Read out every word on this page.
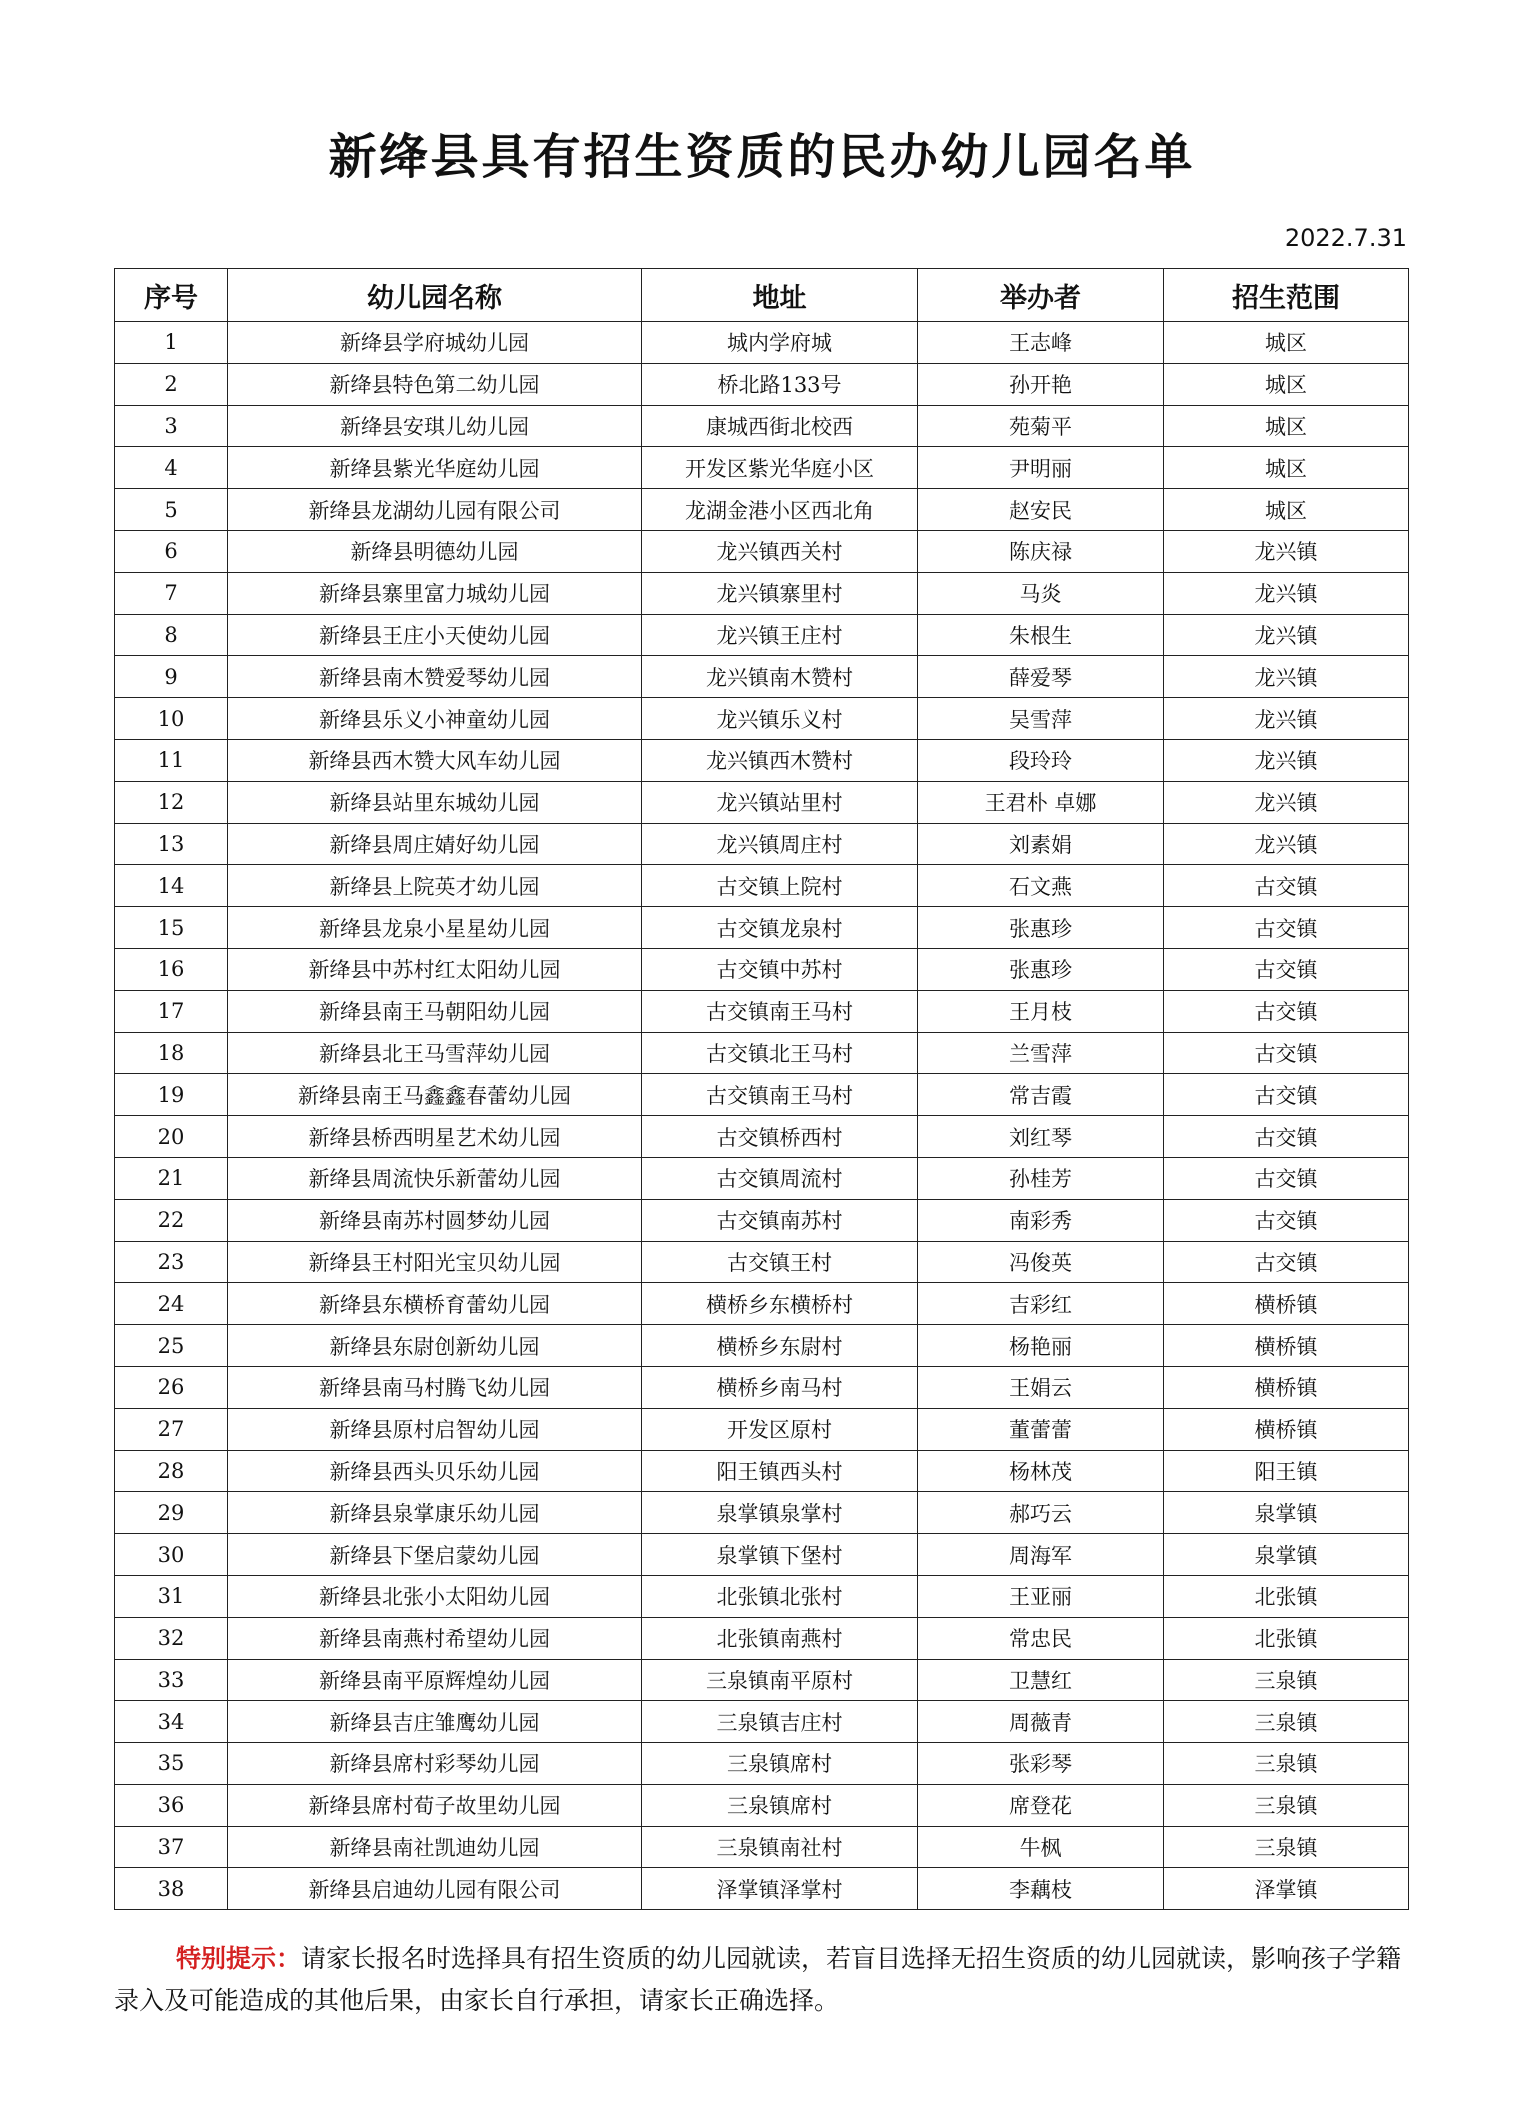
新绛县具有招生资质的民办幼儿园名单
2022.7.31
序号	幼儿园名称	地址	举办者	招生范围
1	新绛县学府城幼儿园	城内学府城	王志峰	城区
2	新绛县特色第二幼儿园	桥北路133号	孙开艳	城区
3	新绛县安琪儿幼儿园	康城西街北校西	苑菊平	城区
4	新绛县紫光华庭幼儿园	开发区紫光华庭小区	尹明丽	城区
5	新绛县龙湖幼儿园有限公司	龙湖金港小区西北角	赵安民	城区
6	新绛县明德幼儿园	龙兴镇西关村	陈庆禄	龙兴镇
7	新绛县寨里富力城幼儿园	龙兴镇寨里村	马炎	龙兴镇
8	新绛县王庄小天使幼儿园	龙兴镇王庄村	朱根生	龙兴镇
9	新绛县南木赞爱琴幼儿园	龙兴镇南木赞村	薛爱琴	龙兴镇
10	新绛县乐义小神童幼儿园	龙兴镇乐义村	吴雪萍	龙兴镇
11	新绛县西木赞大风车幼儿园	龙兴镇西木赞村	段玲玲	龙兴镇
12	新绛县站里东城幼儿园	龙兴镇站里村	王君朴 卓娜	龙兴镇
13	新绛县周庄婧好幼儿园	龙兴镇周庄村	刘素娟	龙兴镇
14	新绛县上院英才幼儿园	古交镇上院村	石文燕	古交镇
15	新绛县龙泉小星星幼儿园	古交镇龙泉村	张惠珍	古交镇
16	新绛县中苏村红太阳幼儿园	古交镇中苏村	张惠珍	古交镇
17	新绛县南王马朝阳幼儿园	古交镇南王马村	王月枝	古交镇
18	新绛县北王马雪萍幼儿园	古交镇北王马村	兰雪萍	古交镇
19	新绛县南王马鑫鑫春蕾幼儿园	古交镇南王马村	常吉霞	古交镇
20	新绛县桥西明星艺术幼儿园	古交镇桥西村	刘红琴	古交镇
21	新绛县周流快乐新蕾幼儿园	古交镇周流村	孙桂芳	古交镇
22	新绛县南苏村圆梦幼儿园	古交镇南苏村	南彩秀	古交镇
23	新绛县王村阳光宝贝幼儿园	古交镇王村	冯俊英	古交镇
24	新绛县东横桥育蕾幼儿园	横桥乡东横桥村	吉彩红	横桥镇
25	新绛县东尉创新幼儿园	横桥乡东尉村	杨艳丽	横桥镇
26	新绛县南马村腾飞幼儿园	横桥乡南马村	王娟云	横桥镇
27	新绛县原村启智幼儿园	开发区原村	董蕾蕾	横桥镇
28	新绛县西头贝乐幼儿园	阳王镇西头村	杨林茂	阳王镇
29	新绛县泉掌康乐幼儿园	泉掌镇泉掌村	郝巧云	泉掌镇
30	新绛县下堡启蒙幼儿园	泉掌镇下堡村	周海军	泉掌镇
31	新绛县北张小太阳幼儿园	北张镇北张村	王亚丽	北张镇
32	新绛县南燕村希望幼儿园	北张镇南燕村	常忠民	北张镇
33	新绛县南平原辉煌幼儿园	三泉镇南平原村	卫慧红	三泉镇
34	新绛县吉庄雏鹰幼儿园	三泉镇吉庄村	周薇青	三泉镇
35	新绛县席村彩琴幼儿园	三泉镇席村	张彩琴	三泉镇
36	新绛县席村荀子故里幼儿园	三泉镇席村	席登花	三泉镇
37	新绛县南社凯迪幼儿园	三泉镇南社村	牛枫	三泉镇
38	新绛县启迪幼儿园有限公司	泽掌镇泽掌村	李藕枝	泽掌镇
特别提示：请家长报名时选择具有招生资质的幼儿园就读，若盲目选择无招生资质的幼儿园就读，影响孩子学籍录入及可能造成的其他后果，由家长自行承担，请家长正确选择。
